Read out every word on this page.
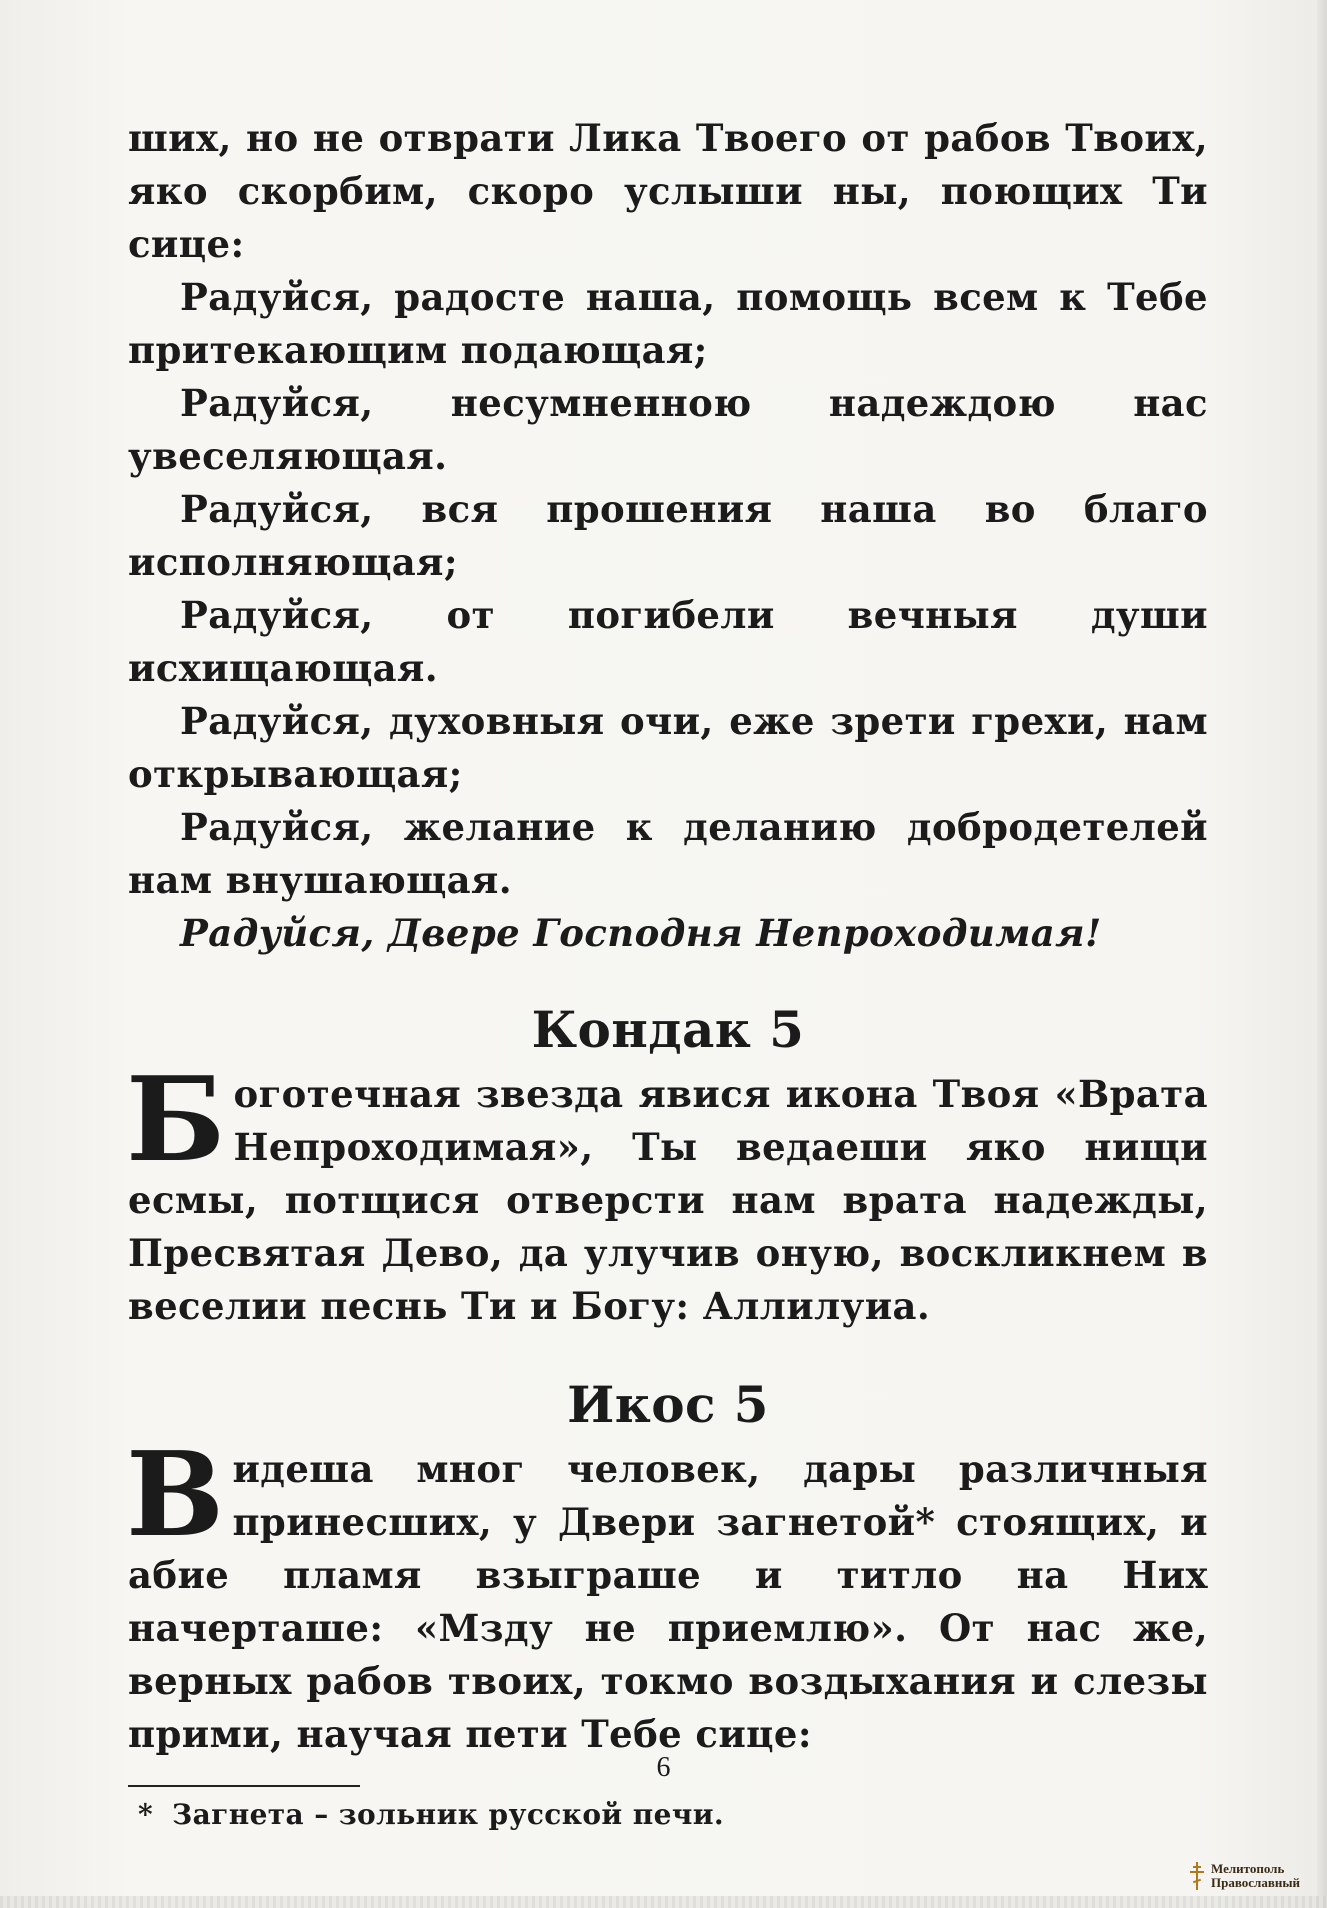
ших, но не отврати Лика Твоего от рабов Твоих, яко скорбим, скоро услыши ны, поющих Ти сице:

Радуйся, радосте наша, помощь всем к Тебе притекающим подающая;

Радуйся, несумненною надеждою нас увеселяющая.

Радуйся, вся прошения наша во благо исполняющая;

Радуйся, от погибели вечныя души исхищающая.

Радуйся, духовныя очи, еже зрети грехи, нам открывающая;

Радуйся, желание к деланию добродетелей нам внушающая.

Радуйся, Двере Господня Непроходимая!

Кондак 5

Боготечная звезда явися икона Твоя «Врата Непроходимая», Ты ведаеши яко нищи есмы, потщися отверсти нам врата надежды, Пресвятая Дево, да улучив оную, воскликнем в веселии песнь Ти и Богу: Аллилуиа.

Икос 5

Видеша мног человек, дары различныя принесших, у Двери загнетой* стоящих, и абие пламя взыграше и титло на Них начерташе: «Мзду не приемлю». От нас же, верных рабов твоих, токмо воздыхания и слезы прими, научая пети Тебе сице:

* Загнета – зольник русской печи.

6
Мелитополь
Православный
